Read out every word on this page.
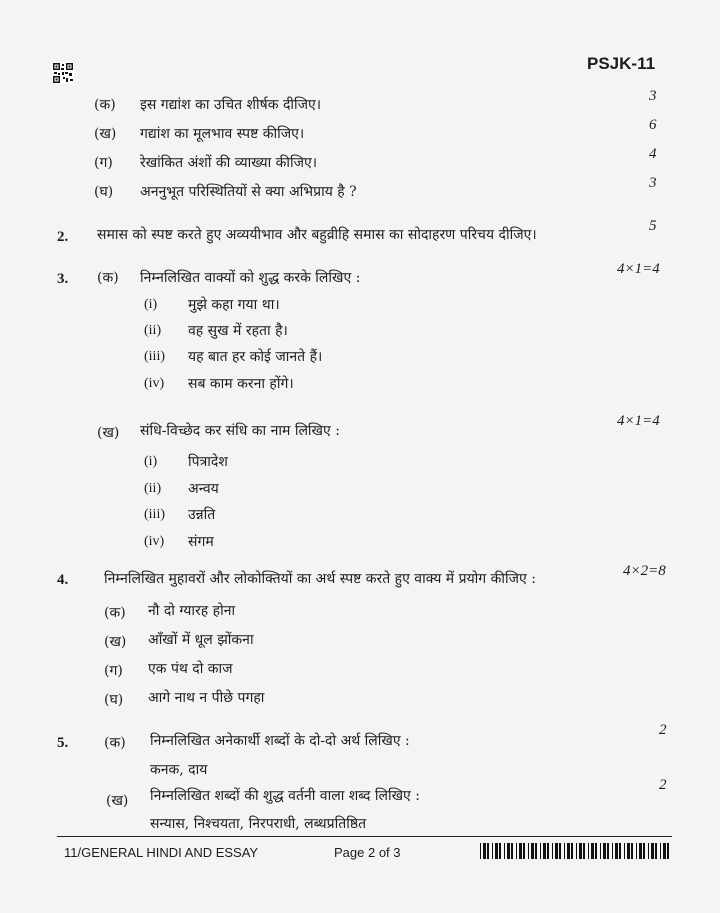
PSJK-11
(क) इस गद्यांश का उचित शीर्षक दीजिए।
3
(ख) गद्यांश का मूलभाव स्पष्ट कीजिए।
6
(ग) रेखांकित अंशों की व्याख्या कीजिए।
4
(घ) अननुभूत परिस्थितियों से क्या अभिप्राय है ?
3
2. समास को स्पष्ट करते हुए अव्ययीभाव और बहुव्रीहि समास का सोदाहरण परिचय दीजिए।
5
3. (क) निम्नलिखित वाक्यों को शुद्ध करके लिखिए :
4×1=4
(i) मुझे कहा गया था।
(ii) वह सुख में रहता है।
(iii) यह बात हर कोई जानते हैं।
(iv) सब काम करना होंगे।
(ख) संधि-विच्छेद कर संधि का नाम लिखिए :
4×1=4
(i) पित्रादेश
(ii) अन्वय
(iii) उन्नति
(iv) संगम
4.	निम्नलिखित मुहावरों और लोकोक्तियों का अर्थ स्पष्ट करते हुए वाक्य में प्रयोग कीजिए :	4×2=8
(क) नौ दो ग्यारह होना
(ख) आँखों में धूल झोंकना
(ग) एक पंथ दो काज
(घ) आगे नाथ न पीछे पगहा
5.	(क) निम्नलिखित अनेकार्थी शब्दों के दो-दो अर्थ लिखिए :
2
कनक, दाय
(ख) निम्नलिखित शब्दों की शुद्ध वर्तनी वाला शब्द लिखिए :
2
सन्यास, निश्चयता, निरपराधी, लब्धप्रतिष्ठित
11/GENERAL HINDI AND ESSAY	Page 2 of 3
